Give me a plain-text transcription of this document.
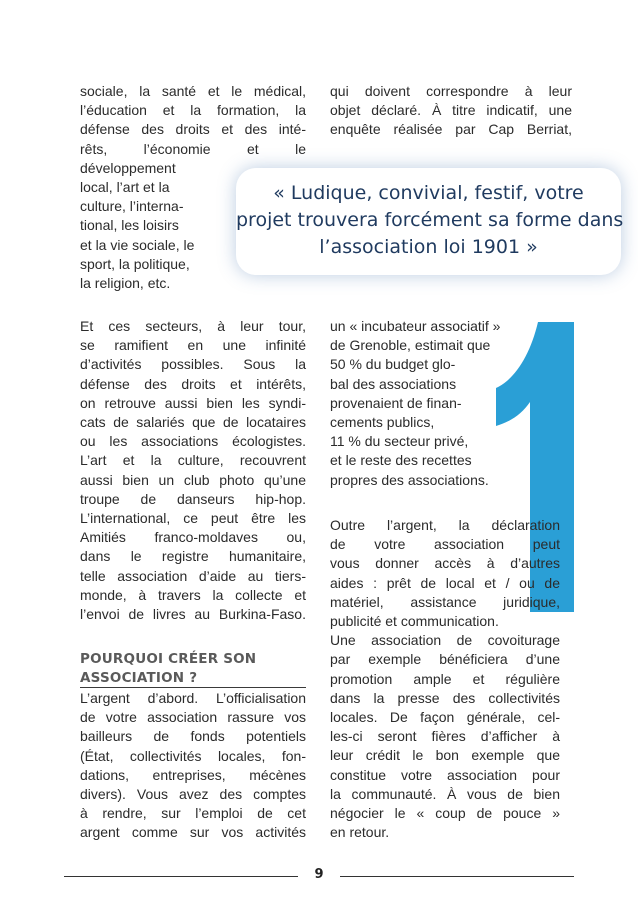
sociale, la santé et le médical,
l’éducation et la formation, la
défense des droits et des inté-
rêts, l’économie et le
développement
local, l’art et la
culture, l’interna-
tional, les loisirs
et la vie sociale, le
sport, la politique,
la religion, etc.
qui doivent correspondre à leur
objet déclaré. À titre indicatif, une
enquête réalisée par Cap Berriat,
« Ludique, convivial, festif, votre
projet trouvera forcément sa forme dans
l’association loi 1901 »
Et ces secteurs, à leur tour,
se ramifient en une infinité
d’activités possibles. Sous la
défense des droits et intérêts,
on retrouve aussi bien les syndi-
cats de salariés que de locataires
ou les associations écologistes.
L’art et la culture, recouvrent
aussi bien un club photo qu’une
troupe de danseurs hip-hop.
L’international, ce peut être les
Amitiés franco-moldaves ou,
dans le registre humanitaire,
telle association d’aide au tiers-
monde, à travers la collecte et
l’envoi de livres au Burkina-Faso.
POURQUOI CRÉER SON
ASSOCIATION ?
L’argent d’abord. L’officialisation
de votre association rassure vos
bailleurs de fonds potentiels
(État, collectivités locales, fon-
dations, entreprises, mécènes
divers). Vous avez des comptes
à rendre, sur l’emploi de cet
argent comme sur vos activités
un « incubateur associatif »
de Grenoble, estimait que
50 % du budget glo-
bal des associations
provenaient de finan-
cements publics,
11 % du secteur privé,
et le reste des recettes
propres des associations.
Outre l’argent, la déclaration
de votre association peut
vous donner accès à d’autres
aides : prêt de local et / ou de
matériel, assistance juridique,
publicité et communication.
Une association de covoiturage
par exemple bénéficiera d’une
promotion ample et régulière
dans la presse des collectivités
locales. De façon générale, cel-
les-ci seront fières d’afficher à
leur crédit le bon exemple que
constitue votre association pour
la communauté. À vous de bien
négocier le « coup de pouce »
en retour.
9
